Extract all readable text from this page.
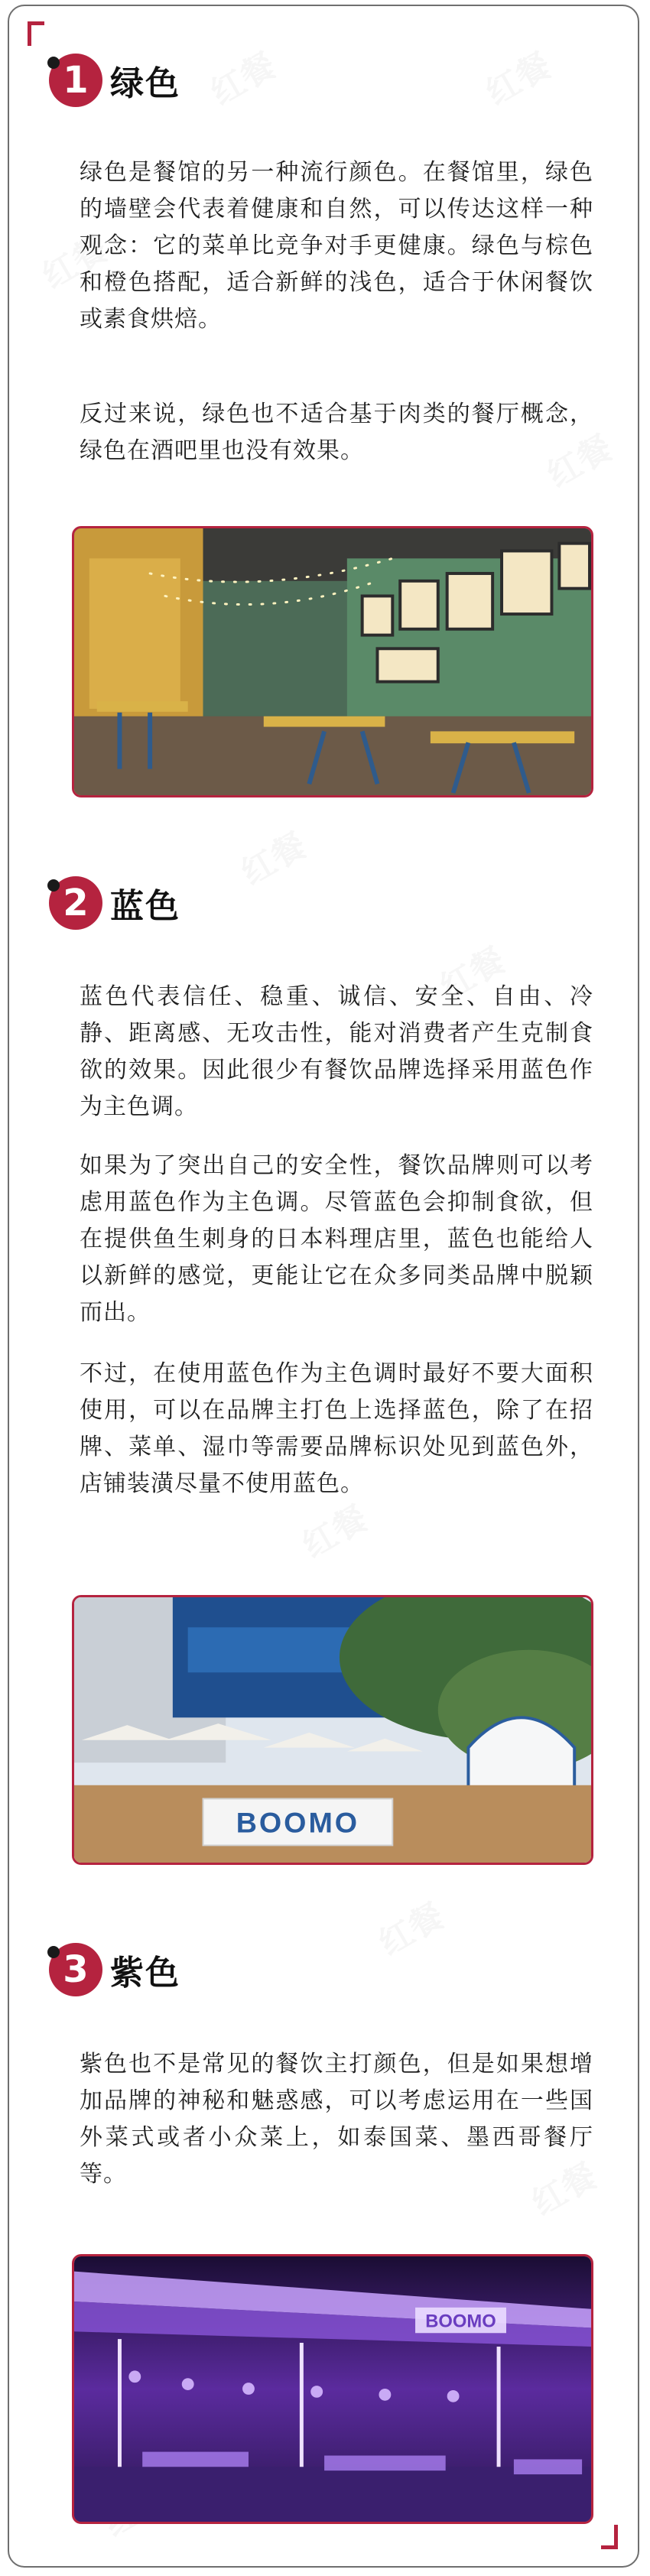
1 绿色

绿色是餐馆的另一种流行颜色。在餐馆里，绿色的墙壁会代表着健康和自然，可以传达这样一种观念：它的菜单比竞争对手更健康。绿色与棕色和橙色搭配，适合新鲜的浅色，适合于休闲餐饮或素食烘焙。

反过来说，绿色也不适合基于肉类的餐厅概念，绿色在酒吧里也没有效果。

2 蓝色

蓝色代表信任、稳重、诚信、安全、自由、冷静、距离感、无攻击性，能对消费者产生克制食欲的效果。因此很少有餐饮品牌选择采用蓝色作为主色调。

如果为了突出自己的安全性，餐饮品牌则可以考虑用蓝色作为主色调。尽管蓝色会抑制食欲，但在提供鱼生刺身的日本料理店里，蓝色也能给人以新鲜的感觉，更能让它在众多同类品牌中脱颖而出。

不过，在使用蓝色作为主色调时最好不要大面积使用，可以在品牌主打色上选择蓝色，除了在招牌、菜单、湿巾等需要品牌标识处见到蓝色外，店铺装潢尽量不使用蓝色。

BOOMO
3 紫色

紫色也不是常见的餐饮主打颜色，但是如果想增加品牌的神秘和魅惑感，可以考虑运用在一些国外菜式或者小众菜上，如泰国菜、墨西哥餐厅等。

BOOMO
